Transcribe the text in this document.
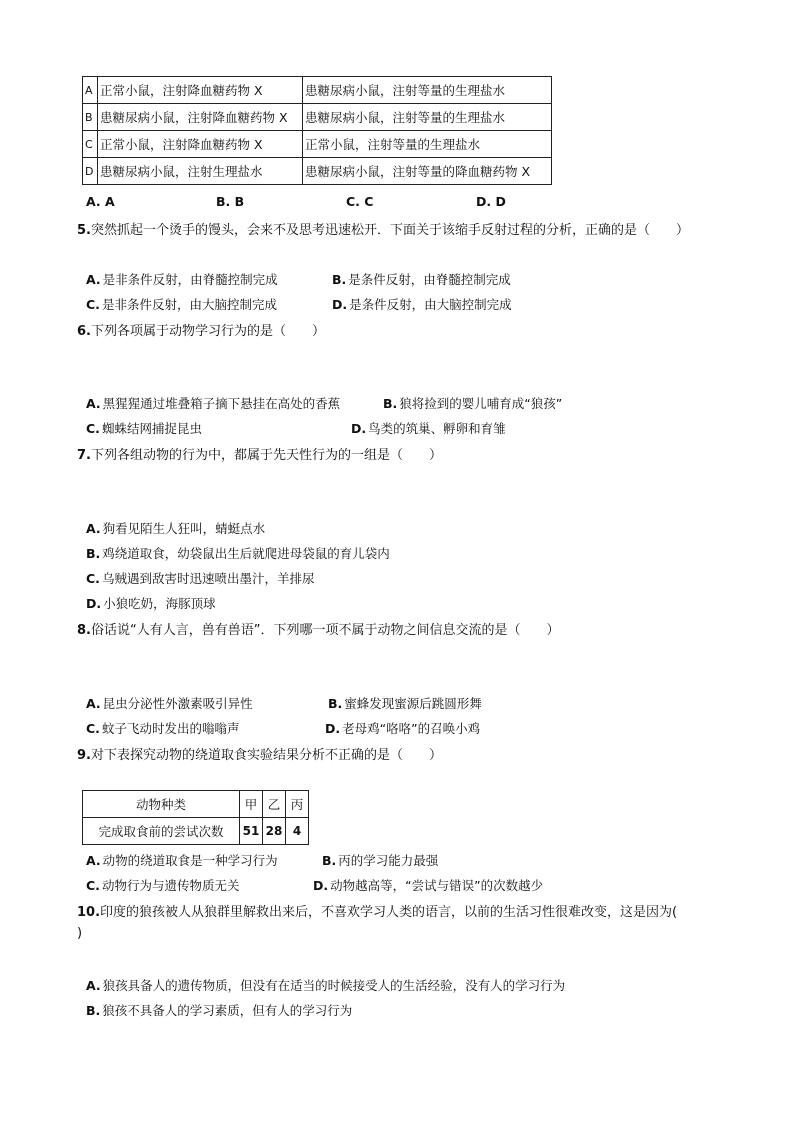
A	正常小鼠，注射降血糖药物 X	患糖尿病小鼠，注射等量的生理盐水
B	患糖尿病小鼠，注射降血糖药物 X	患糖尿病小鼠，注射等量的生理盐水
C	正常小鼠，注射降血糖药物 X	正常小鼠，注射等量的生理盐水
D	患糖尿病小鼠，注射生理盐水	患糖尿病小鼠，注射等量的降血糖药物 X
A. A	B. B	C. C	D. D
5.突然抓起一个烫手的馒头，会来不及思考迅速松开．下面关于该缩手反射过程的分析，正确的是（　　）
A. 是非条件反射，由脊髓控制完成	B. 是条件反射，由脊髓控制完成
C. 是非条件反射，由大脑控制完成	D. 是条件反射，由大脑控制完成
6.下列各项属于动物学习行为的是（　　）
A. 黑猩猩通过堆叠箱子摘下悬挂在高处的香蕉	B. 狼将捡到的婴儿哺育成“狼孩”
C. 蜘蛛结网捕捉昆虫	D. 鸟类的筑巢、孵卵和育雏
7.下列各组动物的行为中，都属于先天性行为的一组是（　　）
A. 狗看见陌生人狂叫，蜻蜓点水
B. 鸡绕道取食，幼袋鼠出生后就爬进母袋鼠的育儿袋内
C. 乌贼遇到敌害时迅速喷出墨汁，羊排尿
D. 小狼吃奶，海豚顶球
8.俗话说“人有人言，兽有兽语”．下列哪一项不属于动物之间信息交流的是（　　）
A. 昆虫分泌性外激素吸引异性	B. 蜜蜂发现蜜源后跳圆形舞
C. 蚊子飞动时发出的嗡嗡声	D. 老母鸡“咯咯”的召唤小鸡
9.对下表探究动物的绕道取食实验结果分析不正确的是（　　）
动物种类	甲	乙	丙
完成取食前的尝试次数	51	28	4
A. 动物的绕道取食是一种学习行为	B. 丙的学习能力最强
C. 动物行为与遗传物质无关	D. 动物越高等，“尝试与错误”的次数越少
10.印度的狼孩被人从狼群里解救出来后，不喜欢学习人类的语言，以前的生活习性很难改变，这是因为(
)
A. 狼孩具备人的遗传物质，但没有在适当的时候接受人的生活经验，没有人的学习行为
B. 狼孩不具备人的学习素质，但有人的学习行为
